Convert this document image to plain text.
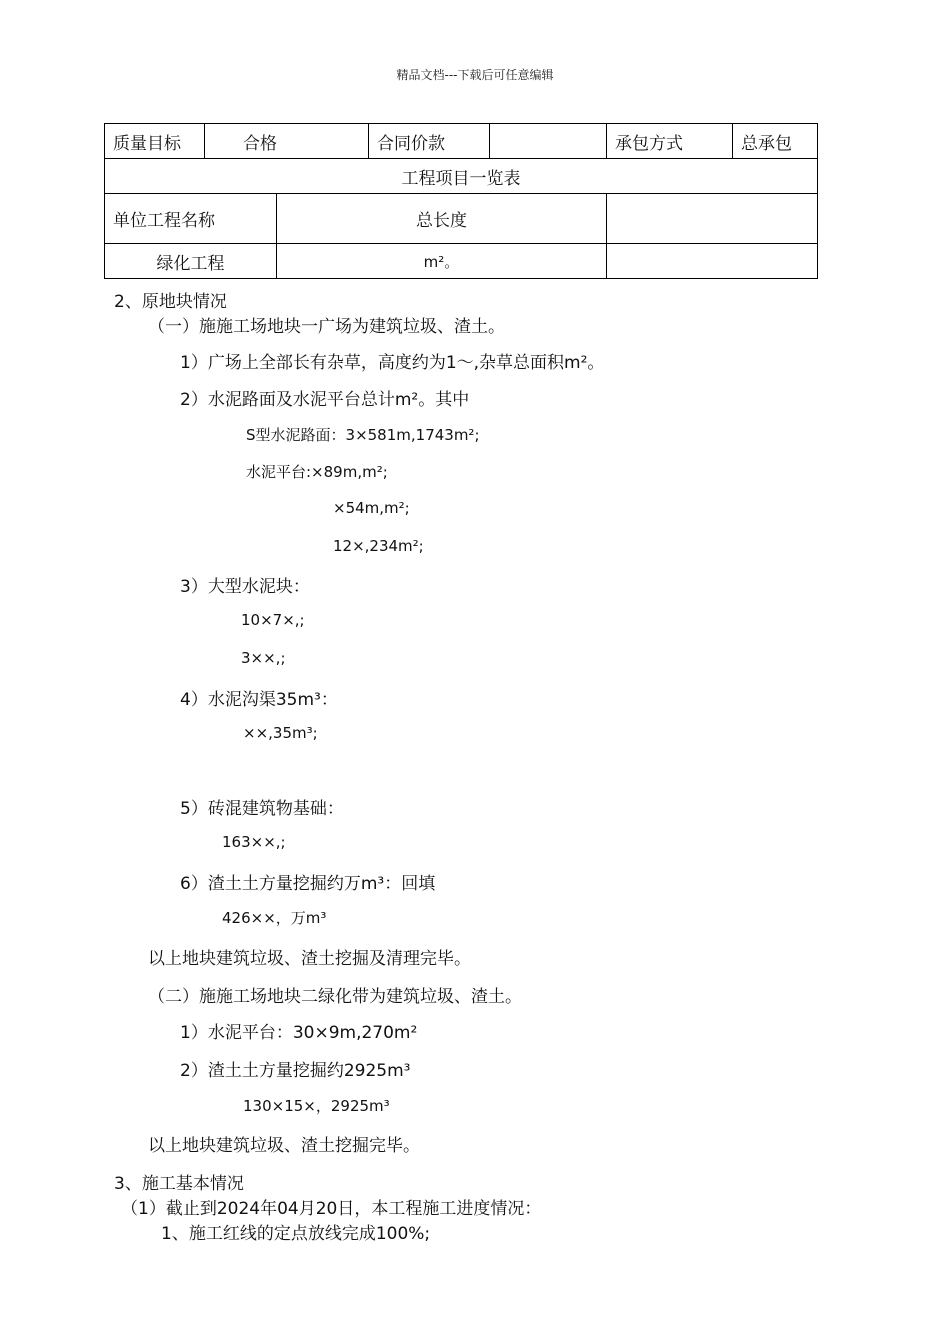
精品文档---下载后可任意编辑
质量目标	合格		合同价款		承包方式	总承包
工程项目一览表						
单位工程名称		总长度				
绿化工程		m²。				
2、原地块情况
（一）施施工场地块一广场为建筑垃圾、渣土。
1）广场上全部长有杂草，高度约为1～,杂草总面积m²。
2）水泥路面及水泥平台总计m²。其中
S型水泥路面：3×581m,1743m²;
水泥平台:×89m,m²;
×54m,m²;
12×,234m²;
3）大型水泥块：
10×7×,;
3××,;
4）水泥沟渠35m³：
××,35m³;
5）砖混建筑物基础：
163××,;
6）渣土土方量挖掘约万m³：回填
426××，万m³
以上地块建筑垃圾、渣土挖掘及清理完毕。
（二）施施工场地块二绿化带为建筑垃圾、渣土。
1）水泥平台：30×9m,270m²
2）渣土土方量挖掘约2925m³
130×15×，2925m³
以上地块建筑垃圾、渣土挖掘完毕。
3、施工基本情况
（1）截止到2024年04月20日，本工程施工进度情况：
1、施工红线的定点放线完成100%;
